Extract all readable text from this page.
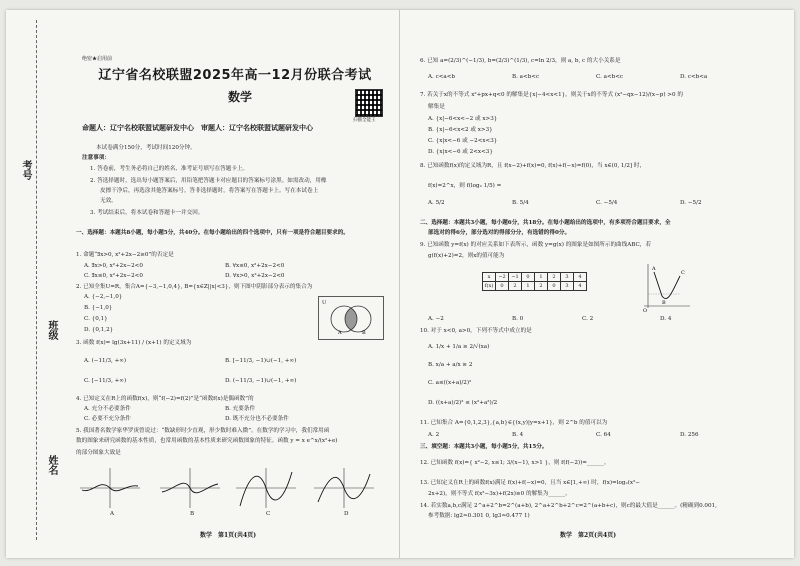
考号
班级
姓名
绝密★启用前
辽宁省名校联盟2025年高一12月份联合考试
数学
扫描全能王
命题人：辽宁名校联盟试题研发中心　审题人：辽宁名校联盟试题研发中心
本试卷满分150分，考试时间120分钟。
注意事项：
1. 答卷前，考生务必将自己的姓名、准考证号填写在答题卡上。
2. 答选择题时，选出每小题答案后，用铅笔把答题卡对应题目的答案标号涂黑。如需改动，用橡
皮擦干净后，再选涂其他答案标号。答非选择题时，将答案写在答题卡上。写在本试卷上
无效。
3. 考试结束后，将本试卷和答题卡一并交回。
一、选择题：本题共8小题，每小题5分，共40分。在每小题给出的四个选项中，只有一项是符合题目要求的。
1. 命题“∃x>0, x²+2x−2≥0”的否定是
A. ∃x>0, x²+2x−2<0	B. ∀x≤0, x²+2x−2<0
C. ∃x≤0, x²+2x−2<0	D. ∀x>0, x²+2x−2<0
2. 已知全集U=R，集合A={−3,−1,0,4}, B={x∈Z||x|<3}，则下图中阴影部分表示的集合为
A. {−2,−1,0}
B. {−1,0}
C. {0,1}
D. {0,1,2}
U
A	B
3. 函数 f(x)= lg(3x+11) / (x+1) 的定义域为
A. (−11/3, +∞)	B. [−11/3, −1)∪(−1, +∞)
C. [−11/3, +∞)	D. (−11/3, −1)∪(−1, +∞)
4. 已知定义在R上的函数f(x)，则“f(−2)=f(2)”是“函数f(x)是偶函数”的
A. 充分不必要条件	B. 充要条件
C. 必要不充分条件	D. 既不充分也不必要条件
5. 我国著名数学家华罗庚曾说过：“数缺形时少直观，形少数时难入微”。在数学的学习中，我们常用函
数的图象来研究函数的基本性质，也常用函数的基本性质来研究函数图象的特征。函数 y = x e^x/(x²+e)
的部分图象大致是
A	B	C	D
数学　第1页(共4页)
6. 已知 a=(2/3)^(−1/3), b=(2/3)^(1/3), c=ln 2/3，则 a, b, c 的大小关系是
A. c<a<b	B. a<b<c	C. a<b<c	D. c<b<a
7. 若关于x的不等式 x²+px+q<0 的解集是{x|−4<x<1}，则关于x的不等式 (x²−qx−12)/(x−p) >0 的
解集是
A. {x|−6<x<−2 或 x>3}
B. {x|−6<x<2 或 x>3}
C. {x|x<−6 或 −2<x<3}
D. {x|x<−6 或 2<x<3}
8. 已知函数f(x)的定义域为R，且 f(x−2)+f(x)=0, f(x)+f(−x)=f(0)，当 x∈(0, 1/2] 时，
f(x)=2^x，则 f(log₂ 1/5) =
A. 5/2	B. 5/4	C. −5/4	D. −5/2
二、选择题：本题共3小题，每小题6分，共18分。在每小题给出的选项中，有多项符合题目要求，全
部选对的得6分，部分选对的得部分分，有选错的得0分。
9. 已知函数 y=f(x) 的对应关系如下表所示，函数 y=g(x) 的图象是如图所示的曲线ABC，若
g(f(x)+2)=2，则x的值可能为
x	−2	−1	0	1	2	3	4
f(x)	0	2	1	2	0	3	4
A
B
C
O
A. −2	B. 0	C. 2	D. 4
10. 对于 x<0, a>0，下列不等式中成立的是
A. 1/x + 1/a ≥ 2/√(xa)
B. x/a + a/x ≥ 2
C. a≤((x+a)/2)²
D. ((x+a)/2)² ≤ (x²+a²)/2
11. 已知集合 A={0,1,2,3},{a,b}∈{(x,y)|y=x+1}，则 2^b 的值可以为
A. 2	B. 4	C. 64	D. 256
三、填空题：本题共3小题，每小题5分，共15分。
12. 已知函数 f(x)={ x²−2, x≤1; 3/(x−1), x>1 }，则 f(f(−2))=______。
13. 已知定义在R上的函数f(x)满足 f(x)+f(−x)=0，且当 x∈[1,+∞) 时，f(x)=log₂(x²−
2x+2)，则不等式 f(x²−3x)+f(2x)≥0 的解集为______。
14. 若实数a,b,c满足 2^a+2^b=2^(a+b), 2^a+2^b+2^c=2^(a+b+c)，则c的最大值是______。(精确到0.001,
参考数据: lg2≈0.301 0, lg3≈0.477 1)
数学　第2页(共4页)
